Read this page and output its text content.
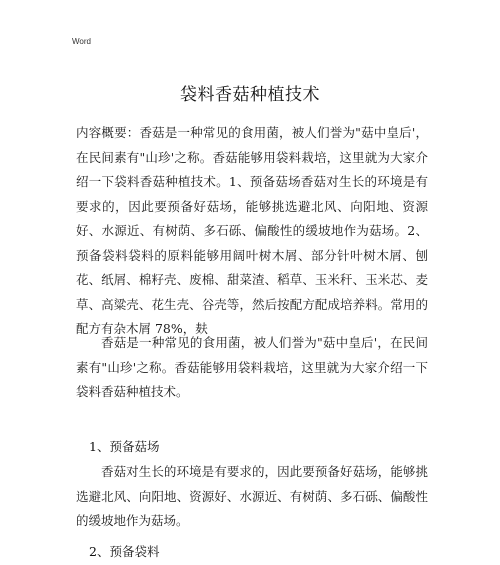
Word
袋料香菇种植技术
内容概要：香菇是一种常见的食用菌，被人们誉为"菇中皇后'，在民间素有"山珍'之称。香菇能够用袋料栽培，这里就为大家介绍一下袋料香菇种植技术。1、预备菇场香菇对生长的环境是有要求的，因此要预备好菇场，能够挑选避北风、向阳地、资源好、水源近、有树荫、多石砾、偏酸性的缓坡地作为菇场。2、预备袋料袋料的原料能够用阔叶树木屑、部分针叶树木屑、刨花、纸屑、棉籽壳、废棉、甜菜渣、稻草、玉米秆、玉米芯、麦草、高粱壳、花生壳、谷壳等，然后按配方配成培养料。常用的配方有杂木屑 78%，麸
香菇是一种常见的食用菌，被人们誉为"菇中皇后'，在民间素有"山珍'之称。香菇能够用袋料栽培，这里就为大家介绍一下袋料香菇种植技术。
1、预备菇场
香菇对生长的环境是有要求的，因此要预备好菇场，能够挑选避北风、向阳地、资源好、水源近、有树荫、多石砾、偏酸性的缓坡地作为菇场。
2、预备袋料
